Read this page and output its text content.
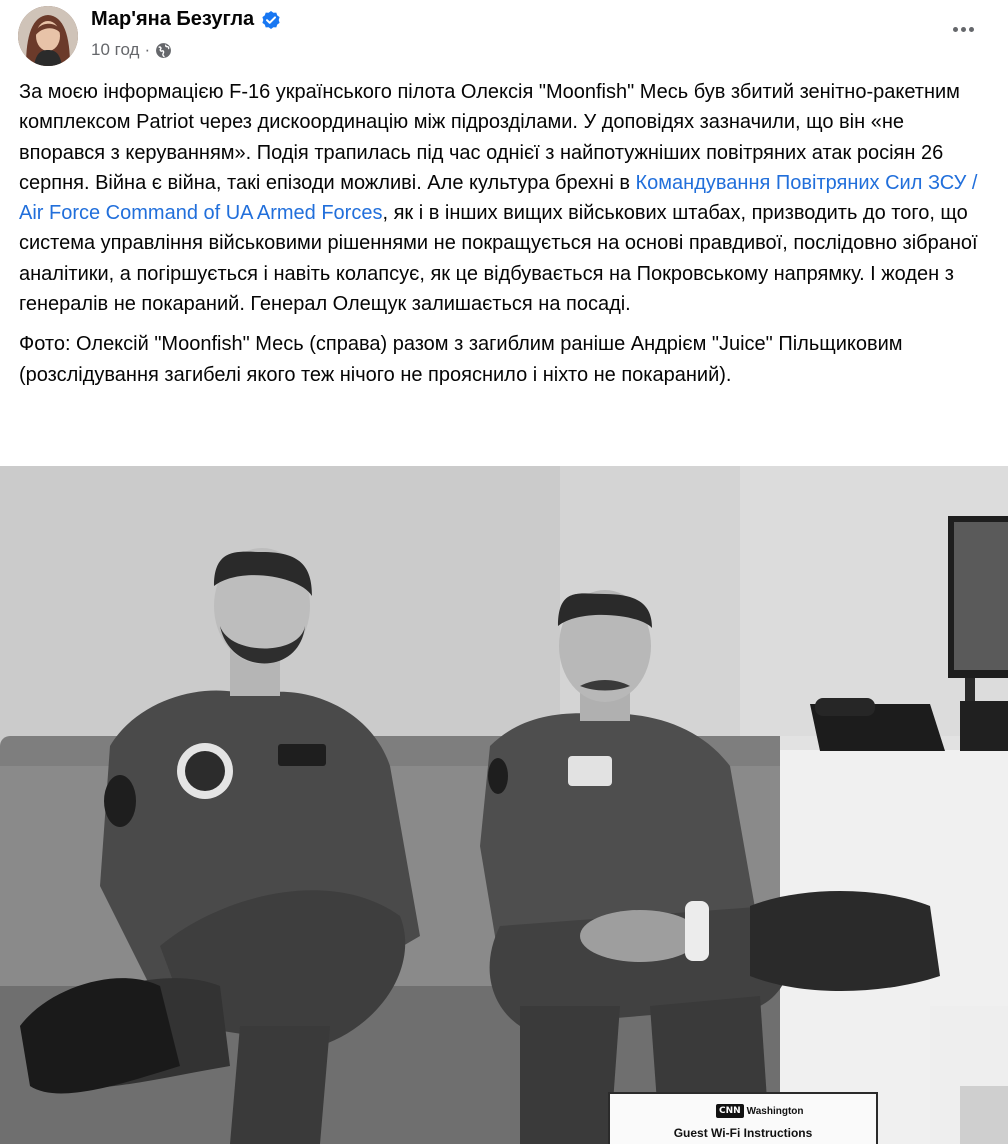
Мар'яна Безугла
10 год ·

За моєю інформацією F-16 українського пілота Олексія "Moonfish" Месь був збитий зенітно-ракетним комплексом Patriot через дискоординацію між підрозділами. У доповідях зазначили, що він «не впорався з керуванням». Подія трапилась під час однієї з найпотужніших повітряних атак росіян 26 серпня. Війна є війна, такі епізоди можливі. Але культура брехні в Командування Повітряних Сил ЗСУ / Air Force Command of UA Armed Forces, як і в інших вищих військових штабах, призводить до того, що система управління військовими рішеннями не покращується на основі правдивої, послідовно зібраної аналітики, а погіршується і навіть колапсує, як це відбувається на Покровському напрямку. І жоден з генералів не покараний. Генерал Олещук залишається на посаді.

Фото: Олексій "Moonfish" Месь (справа) разом з загиблим раніше Андрієм "Juice" Пільщиковим (розслідування загибелі якого теж нічого не прояснило і ніхто не покараний).

CNN Washington
Guest Wi-Fi Instructions
